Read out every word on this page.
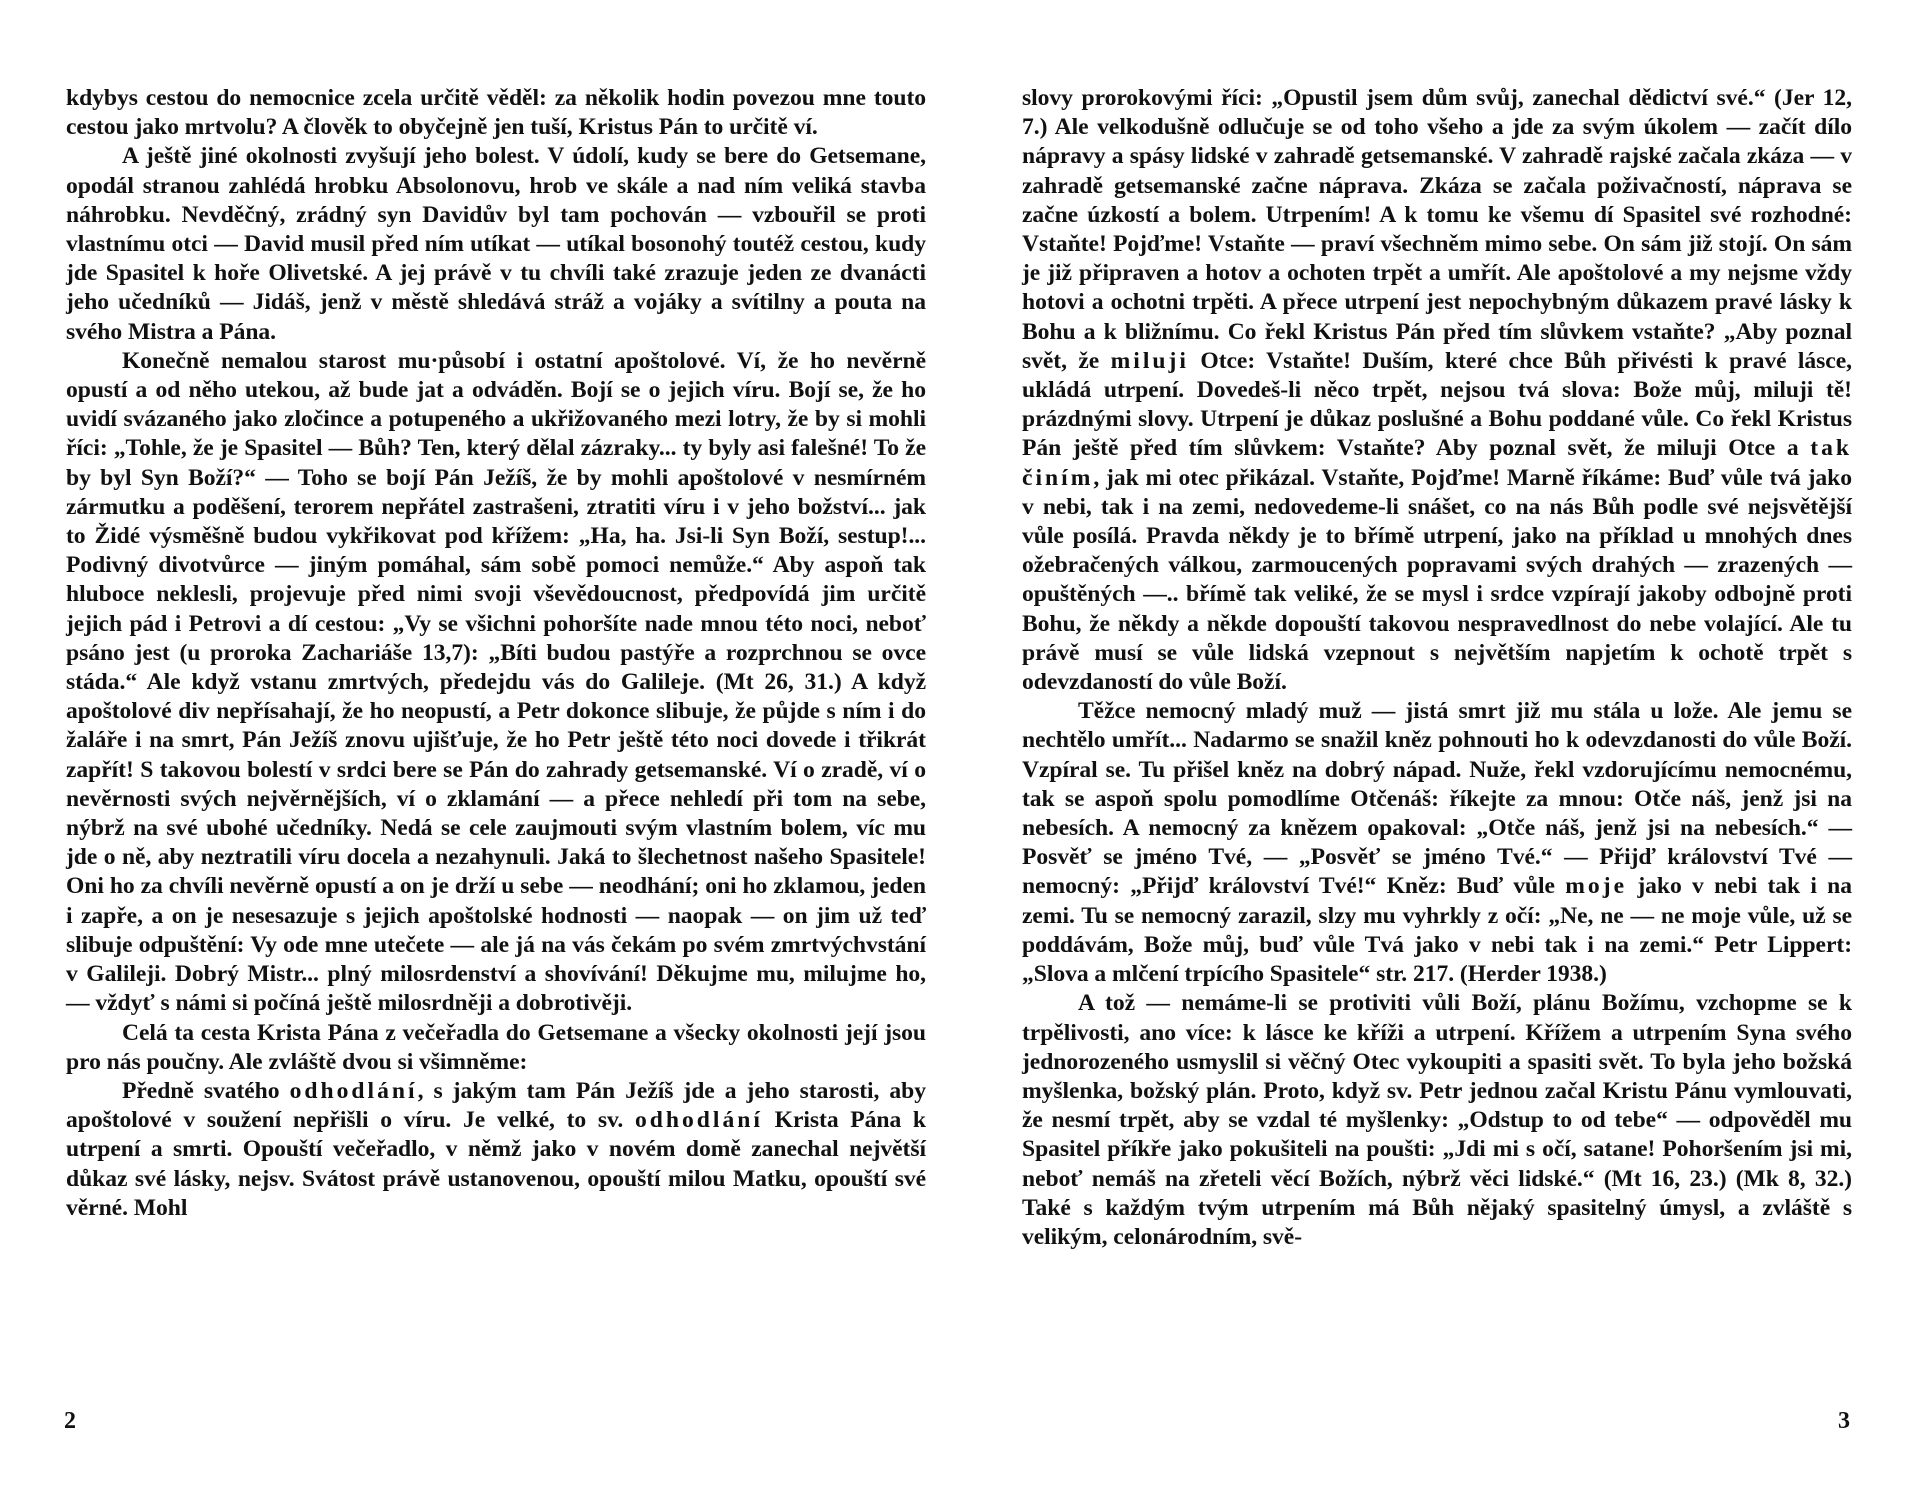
kdybys cestou do nemocnice zcela určitě věděl: za několik hodin povezou mne touto cestou jako mrtvolu? A člověk to obyčejně jen tuší, Kristus Pán to určitě ví.

A ještě jiné okolnosti zvyšují jeho bolest. V údolí, kudy se bere do Getsemane, opodál stranou zahlédá hrobku Absolonovu, hrob ve skále a nad ním veliká stavba náhrobku. Nevděčný, zrádný syn Davidův byl tam pochován — vzbouřil se proti vlastnímu otci — David musil před ním utíkat — utíkal bosonohý toutéž cestou, kudy jde Spasitel k hoře Olivetské. A jej právě v tu chvíli také zrazuje jeden ze dvanácti jeho učedníků — Jidáš, jenž v městě shledává stráž a vojáky a svítilny a pouta na svého Mistra a Pána.

Konečně nemalou starost mu·působí i ostatní apoštolové. Ví, že ho nevěrně opustí a od něho utekou, až bude jat a odváděn. Bojí se o jejich víru. Bojí se, že ho uvidí svázaného jako zločince a potupeného a ukřižovaného mezi lotry, že by si mohli říci: „Tohle, že je Spasitel — Bůh? Ten, který dělal zázraky... ty byly asi falešné! To že by byl Syn Boží?“ — Toho se bojí Pán Ježíš, že by mohli apoštolové v nesmírném zármutku a poděšení, terorem nepřátel zastrašeni, ztratiti víru i v jeho božství... jak to Židé výsměšně budou vykřikovat pod křížem: „Ha, ha. Jsi-li Syn Boží, sestup!... Podivný divotvůrce — jiným pomáhal, sám sobě pomoci nemůže.“ Aby aspoň tak hluboce neklesli, projevuje před nimi svoji vševědoucnost, předpovídá jim určitě jejich pád i Petrovi a dí cestou: „Vy se všichni pohoršíte nade mnou této noci, neboť psáno jest (u proroka Zachariáše 13,7): „Bíti budou pastýře a rozprchnou se ovce stáda.“ Ale když vstanu zmrtvých, předejdu vás do Galileje. (Mt 26, 31.) A když apoštolové div nepřísahají, že ho neopustí, a Petr dokonce slibuje, že půjde s ním i do žaláře i na smrt, Pán Ježíš znovu ujišťuje, že ho Petr ještě této noci dovede i třikrát zapřít! S takovou bolestí v srdci bere se Pán do zahrady getsemanské. Ví o zradě, ví o nevěrnosti svých nejvěrnějších, ví o zklamání — a přece nehledí při tom na sebe, nýbrž na své ubohé učedníky. Nedá se cele zaujmouti svým vlastním bolem, víc mu jde o ně, aby neztratili víru docela a nezahynuli. Jaká to šlechetnost našeho Spasitele! Oni ho za chvíli nevěrně opustí a on je drží u sebe — neodhání; oni ho zklamou, jeden i zapře, a on je nesesazuje s jejich apoštolské hodnosti — naopak — on jim už teď slibuje odpuštění: Vy ode mne utečete — ale já na vás čekám po svém zmrtvýchvstání v Galileji. Dobrý Mistr... plný milosrdenství a shovívání! Děkujme mu, milujme ho, — vždyť s námi si počíná ještě milosrdněji a dobrotivěji.

Celá ta cesta Krista Pána z večeřadla do Getsemane a všecky okolnosti její jsou pro nás poučny. Ale zvláště dvou si všimněme:

Předně svatého odhodlání, s jakým tam Pán Ježíš jde a jeho starosti, aby apoštolové v soužení nepřišli o víru. Je velké, to sv. odhodlání Krista Pána k utrpení a smrti. Opouští večeřadlo, v němž jako v novém domě zanechal největší důkaz své lásky, nejsv. Svátost právě ustanovenou, opouští milou Matku, opouští své věrné. Mohl

2

slovy prorokovými říci: „Opustil jsem dům svůj, zanechal dědictví své.“ (Jer 12, 7.) Ale velkodušně odlučuje se od toho všeho a jde za svým úkolem — začít dílo nápravy a spásy lidské v zahradě getsemanské. V zahradě rajské začala zkáza — v zahradě getsemanské začne náprava. Zkáza se začala poživačností, náprava se začne úzkostí a bolem. Utrpením! A k tomu ke všemu dí Spasitel své rozhodné: Vstaňte! Pojďme! Vstaňte — praví všechněm mimo sebe. On sám již stojí. On sám je již připraven a hotov a ochoten trpět a umřít. Ale apoštolové a my nejsme vždy hotovi a ochotni trpěti. A přece utrpení jest nepochybným důkazem pravé lásky k Bohu a k bližnímu. Co řekl Kristus Pán před tím slůvkem vstaňte? „Aby poznal svět, že miluji Otce: Vstaňte! Duším, které chce Bůh přivésti k pravé lásce, ukládá utrpení. Dovedeš-li něco trpět, nejsou tvá slova: Bože můj, miluji tě! prázdnými slovy. Utrpení je důkaz poslušné a Bohu poddané vůle. Co řekl Kristus Pán ještě před tím slůvkem: Vstaňte? Aby poznal svět, že miluji Otce a tak činím, jak mi otec přikázal. Vstaňte, Pojďme! Marně říkáme: Buď vůle tvá jako v nebi, tak i na zemi, nedovedeme-li snášet, co na nás Bůh podle své nejsvětější vůle posílá. Pravda někdy je to břímě utrpení, jako na příklad u mnohých dnes ožebračených válkou, zarmoucených popravami svých drahých — zrazených — opuštěných —.. břímě tak veliké, že se mysl i srdce vzpírají jakoby odbojně proti Bohu, že někdy a někde dopouští takovou nespravedlnost do nebe volající. Ale tu právě musí se vůle lidská vzepnout s největším napjetím k ochotě trpět s odevzdaností do vůle Boží.

Těžce nemocný mladý muž — jistá smrt již mu stála u lože. Ale jemu se nechtělo umřít... Nadarmo se snažil kněz pohnouti ho k odevzdanosti do vůle Boží. Vzpíral se. Tu přišel kněz na dobrý nápad. Nuže, řekl vzdorujícímu nemocnému, tak se aspoň spolu pomodlíme Otčenáš: říkejte za mnou: Otče náš, jenž jsi na nebesích. A nemocný za knězem opakoval: „Otče náš, jenž jsi na nebesích.“ — Posvěť se jméno Tvé, — „Posvěť se jméno Tvé.“ — Přijď království Tvé — nemocný: „Přijď království Tvé!“ Kněz: Buď vůle moje jako v nebi tak i na zemi. Tu se nemocný zarazil, slzy mu vyhrkly z očí: „Ne, ne — ne moje vůle, už se poddávám, Bože můj, buď vůle Tvá jako v nebi tak i na zemi.“ Petr Lippert: „Slova a mlčení trpícího Spasitele“ str. 217. (Herder 1938.)

A tož — nemáme-li se protiviti vůli Boží, plánu Božímu, vzchopme se k trpělivosti, ano více: k lásce ke kříži a utrpení. Křížem a utrpením Syna svého jednorozeného usmyslil si věčný Otec vykoupiti a spasiti svět. To byla jeho božská myšlenka, božský plán. Proto, když sv. Petr jednou začal Kristu Pánu vymlouvati, že nesmí trpět, aby se vzdal té myšlenky: „Odstup to od tebe“ — odpověděl mu Spasitel příkře jako pokušiteli na poušti: „Jdi mi s očí, satane! Pohoršením jsi mi, neboť nemáš na zřeteli věcí Božích, nýbrž věci lidské.“ (Mt 16, 23.) (Mk 8, 32.) Také s každým tvým utrpením má Bůh nějaký spasitelný úmysl, a zvláště s velikým, celonárodním, svě-

3
